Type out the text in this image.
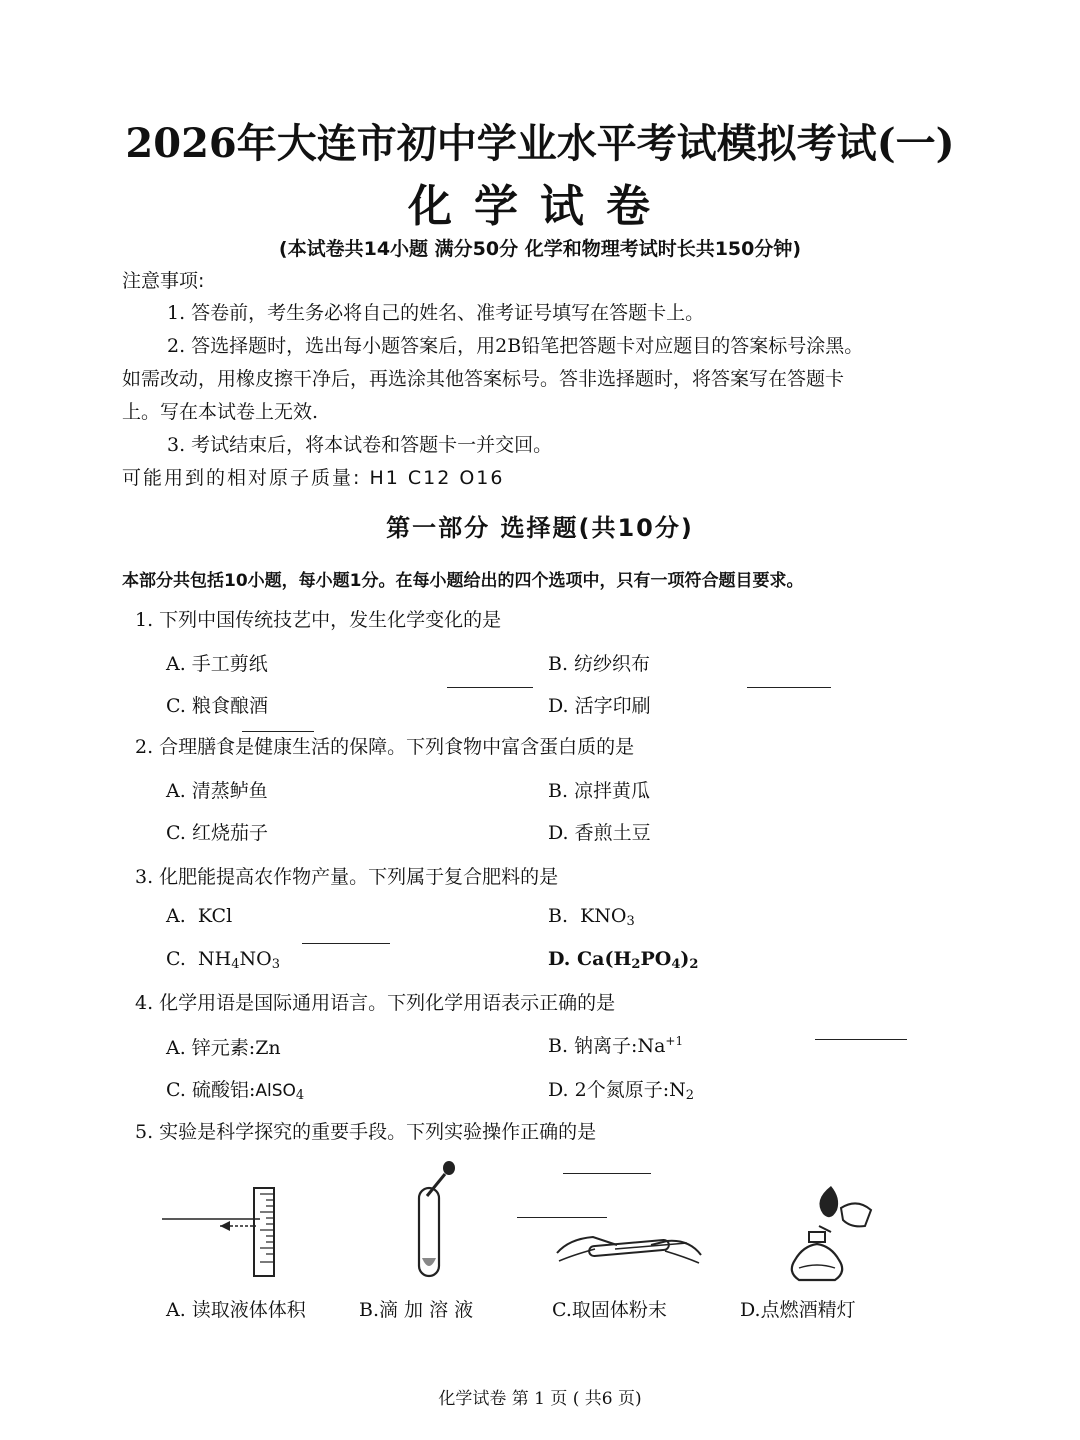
2026年大连市初中学业水平考试模拟考试(一)
化学试卷
(本试卷共14小题 满分50分 化学和物理考试时长共150分钟)
注意事项:
1. 答卷前，考生务必将自己的姓名、准考证号填写在答题卡上。
2. 答选择题时，选出每小题答案后，用2B铅笔把答题卡对应题目的答案标号涂黑。
如需改动，用橡皮擦干净后，再选涂其他答案标号。答非选择题时，将答案写在答题卡
上。写在本试卷上无效.
3. 考试结束后，将本试卷和答题卡一并交回。
可能用到的相对原子质量: H1 C12 O16
第一部分 选择题(共10分)
本部分共包括10小题，每小题1分。在每小题给出的四个选项中，只有一项符合题目要求。
1. 下列中国传统技艺中，发生化学变化的是
A. 手工剪纸	B. 纺纱织布
C. 粮食酿酒	D. 活字印刷
2. 合理膳食是健康生活的保障。下列食物中富含蛋白质的是
A. 清蒸鲈鱼	B. 凉拌黄瓜
C. 红烧茄子	D. 香煎土豆
3. 化肥能提高农作物产量。下列属于复合肥料的是
A. KCl	B. $KNO_3$
C. $NH_4NO_3$	D. $Ca(H_2PO_4)_2$
4. 化学用语是国际通用语言。下列化学用语表示正确的是
A. 锌元素:Zn	B. 钠离子$:Na^{+1}$
C. 硫酸铝:AlSO$_4$	D. 2个氮原子$:N_2$
5. 实验是科学探究的重要手段。下列实验操作正确的是
A. 读取液体体积	B.滴 加 溶 液	C.取固体粉末	D.点燃酒精灯
化学试卷 第 1 页 ( 共6 页)
